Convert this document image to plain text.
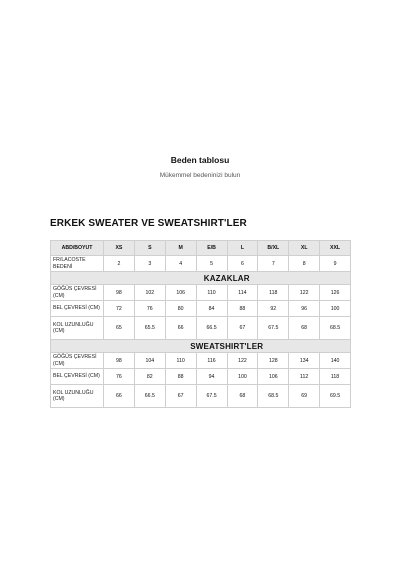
Beden tablosu
Mükemmel bedeninizi bulun
ERKEK SWEATER VE SWEATSHIRT'LER
ABD/BOYUT	XS	S	M	E/B	L	B/XL	XL	XXL
FR/LACOSTE BEDENİ	2	3	4	5	6	7	8	9
	KAZAKLAR							
GÖĞÜS ÇEVRESİ (CM)	98	102	106	110	114	118	122	126
BEL ÇEVRESİ (CM)	72	76	80	84	88	92	96	100
KOL UZUNLUĞU (CM)	65	65.5	66	66.5	67	67.5	68	68.5
	SWEATSHIRT'LER							
GÖĞÜS ÇEVRESİ (CM)	98	104	110	116	122	128	134	140
BEL ÇEVRESİ (CM)	76	82	88	94	100	106	112	118
KOL UZUNLUĞU (CM)	66	66.5	67	67.5	68	68.5	69	69.5
